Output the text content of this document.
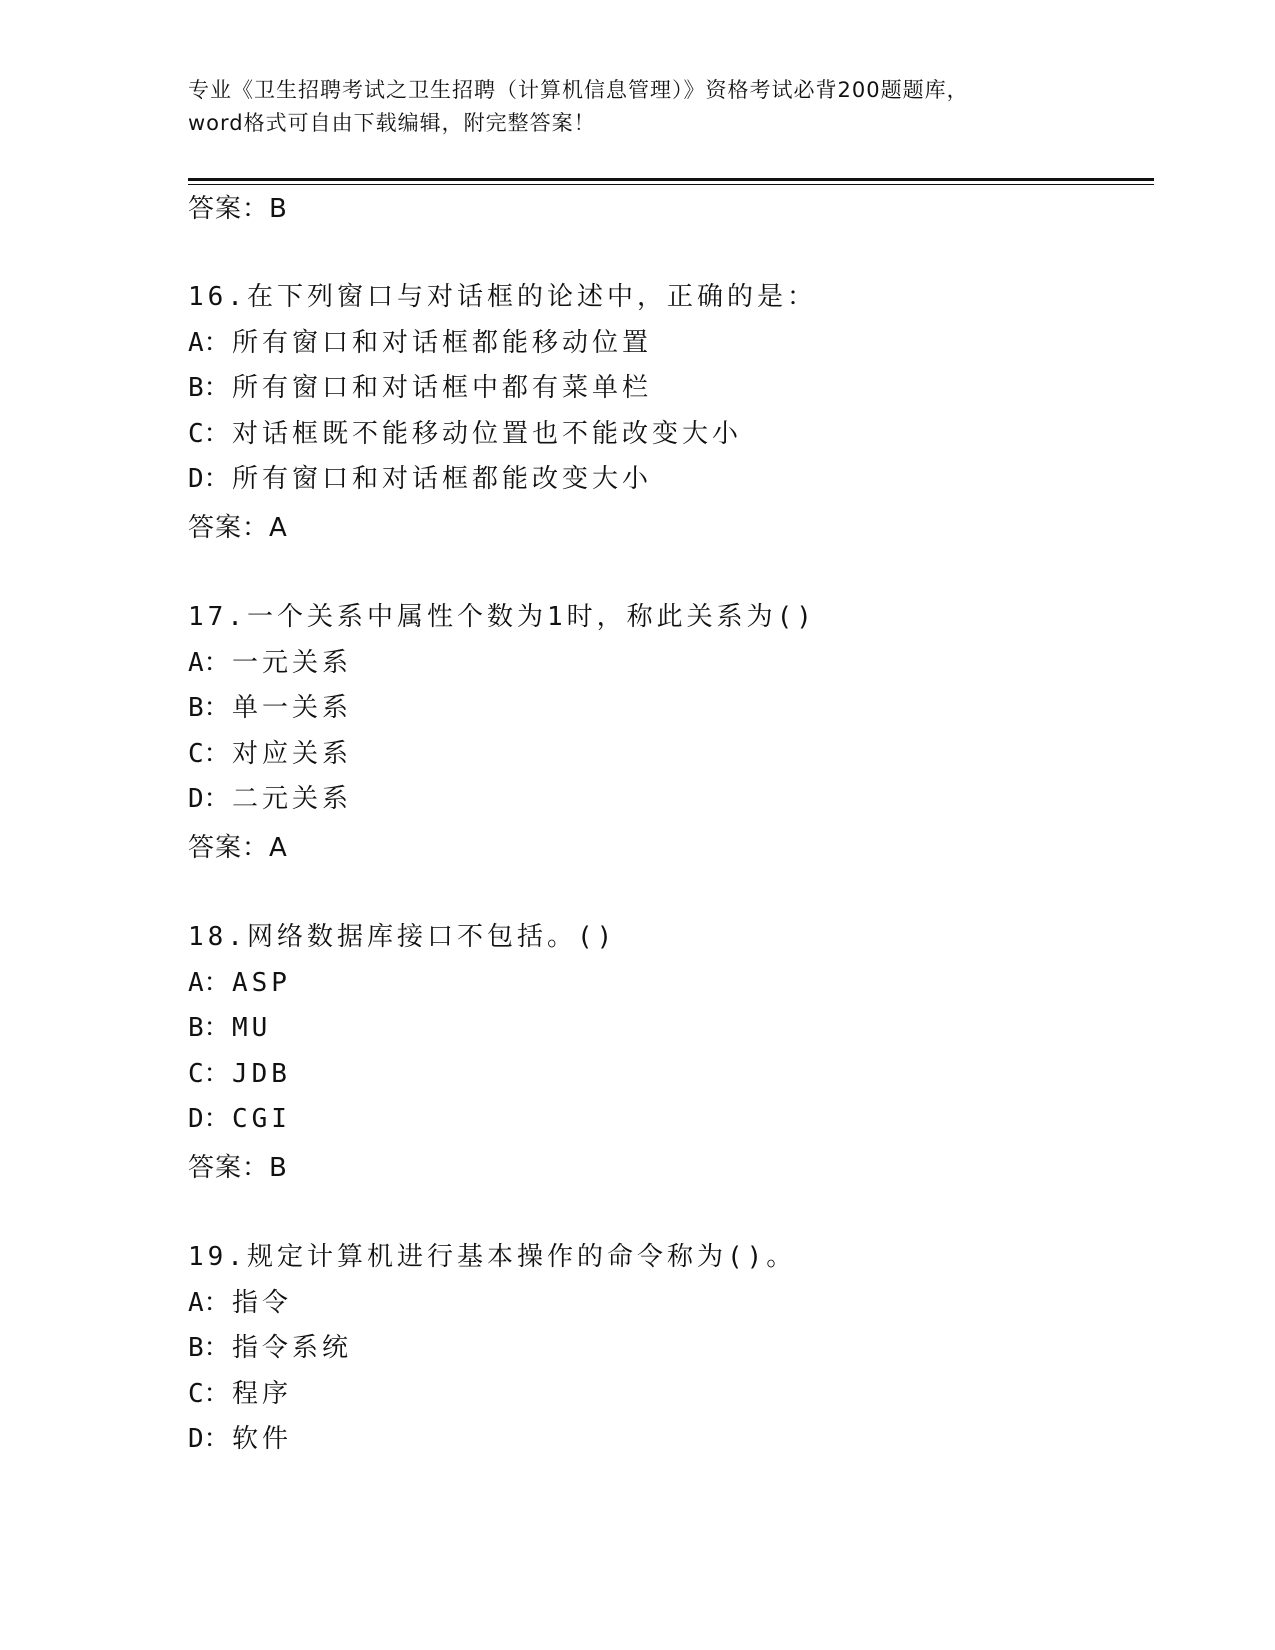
专业《卫生招聘考试之卫生招聘（计算机信息管理）》资格考试必背200题题库，
word格式可自由下载编辑，附完整答案！
答案：B
16.在下列窗口与对话框的论述中，正确的是：
A：所有窗口和对话框都能移动位置
B：所有窗口和对话框中都有菜单栏
C：对话框既不能移动位置也不能改变大小
D：所有窗口和对话框都能改变大小
答案：A
17.一个关系中属性个数为1时，称此关系为()
A：一元关系
B：单一关系
C：对应关系
D：二元关系
答案：A
18.网络数据库接口不包括。()
A：ASP
B：MU
C：JDB
D：CGI
答案：B
19.规定计算机进行基本操作的命令称为()。
A：指令
B：指令系统
C：程序
D：软件
